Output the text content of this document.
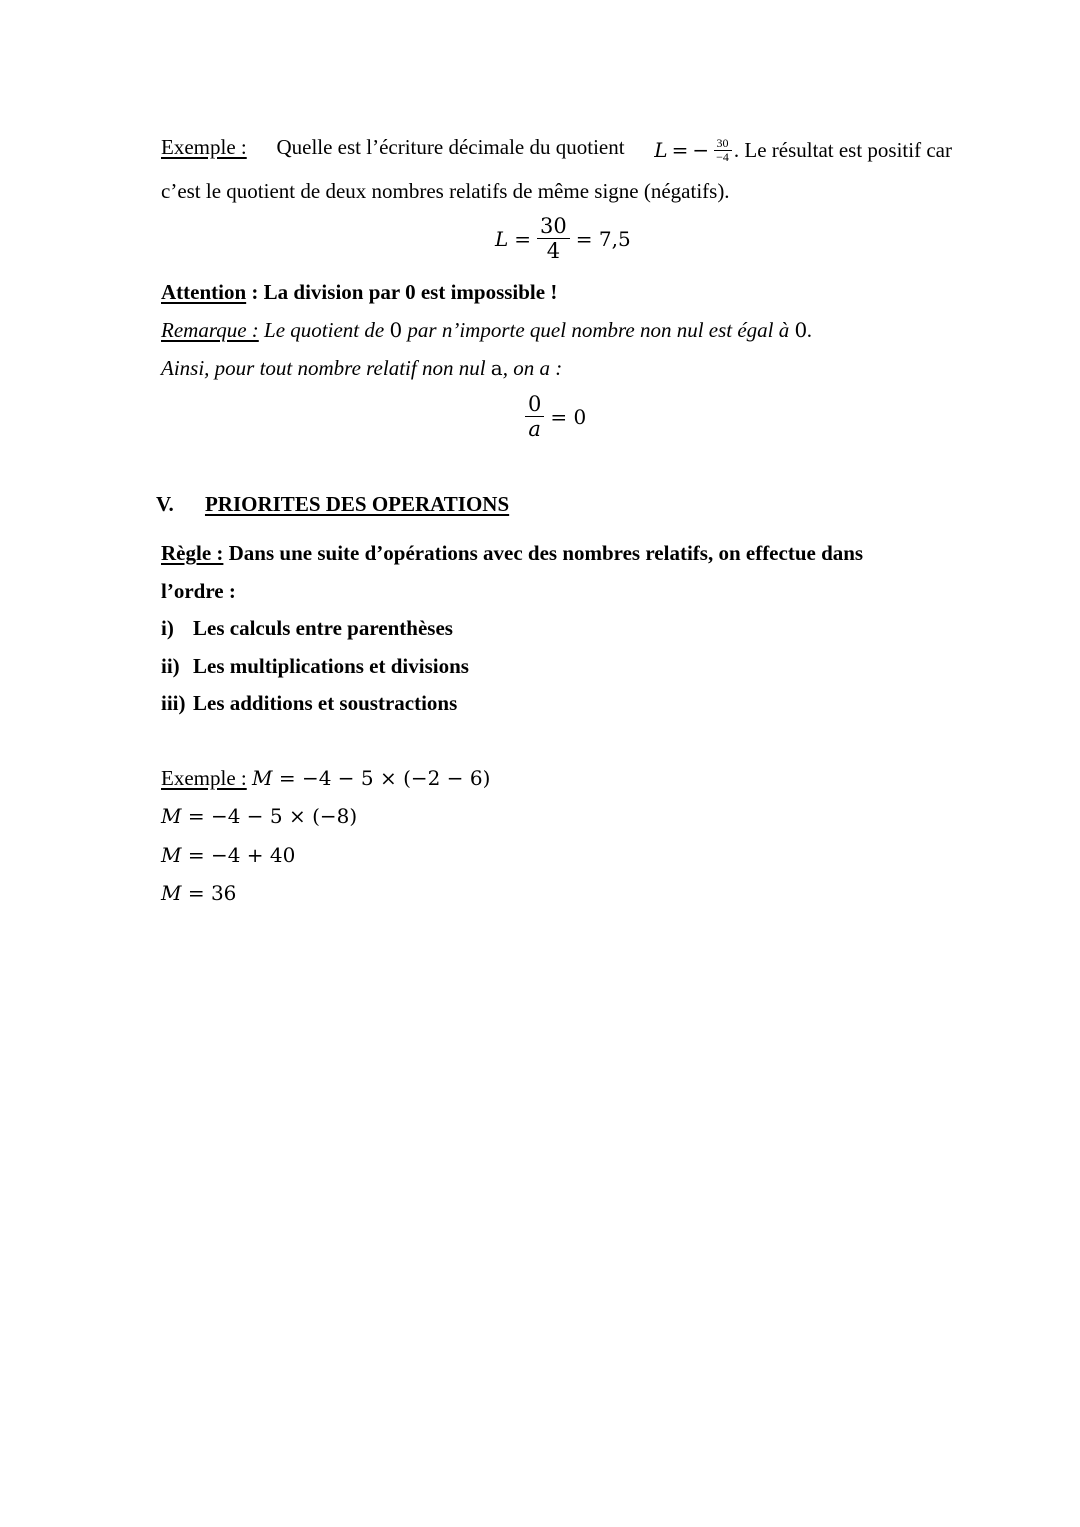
Exemple : Quelle est l’écriture décimale du quotient L = − $\frac{30}{-4}$ . Le résultat est positif car
c’est le quotient de deux nombres relatifs de même signe (négatifs).
$L = \frac{30}{4} = 7,5$
Attention : La division par 0 est impossible !
Remarque : Le quotient de 0 par n’importe quel nombre non nul est égal à 0.
Ainsi, pour tout nombre relatif non nul a, on a :
$\frac{0}{a} = 0$
V. PRIORITES DES OPERATIONS
Règle : Dans une suite d’opérations avec des nombres relatifs, on effectue dans
l’ordre :
i) Les calculs entre parenthèses
ii) Les multiplications et divisions
iii) Les additions et soustractions
Exemple : M = −4 − 5 × (−2 − 6)
M = −4 − 5 × (−8)
M = −4 + 40
M = 36
